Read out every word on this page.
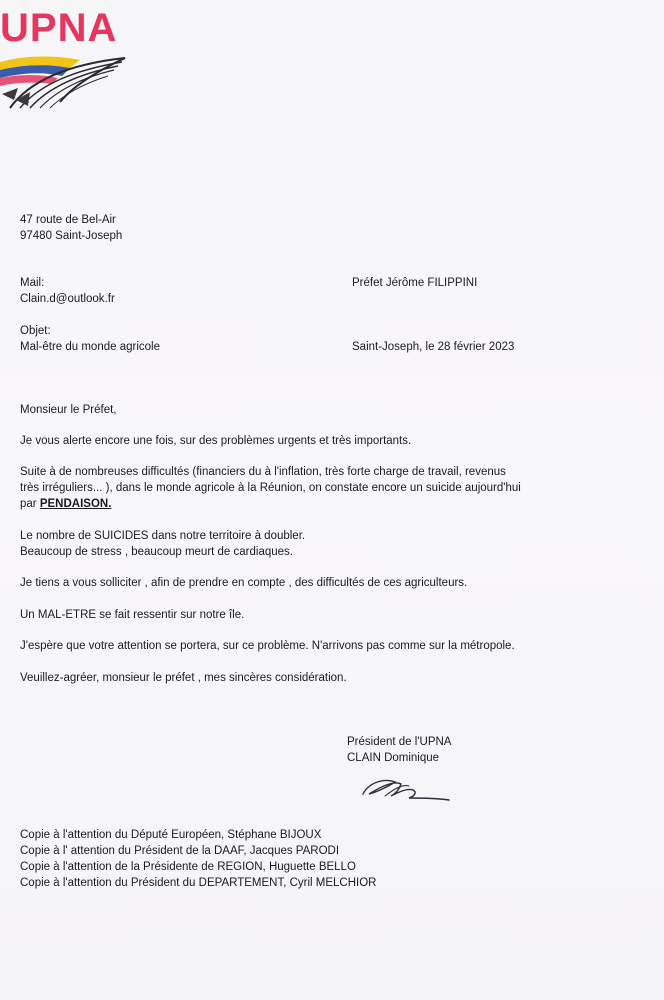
UPNA
47 route de Bel-Air
97480 Saint-Joseph
Mail:
Clain.d@outlook.fr
Préfet Jérôme FILIPPINI
Objet:
Mal-être du monde agricole	Saint-Joseph, le 28 février 2023
Monsieur le Préfet,
Je vous alerte encore une fois, sur des problèmes urgents et très importants.
Suite à de nombreuses difficultés (financiers du à l'inflation, très forte charge de travail, revenus
très irréguliers... ), dans le monde agricole à la Réunion, on constate encore un suicide aujourd'hui
par PENDAISON.
Le nombre de SUICIDES dans notre territoire à doubler.
Beaucoup de stress , beaucoup meurt de cardiaques.
Je tiens a vous solliciter , afin de prendre en compte , des difficultés de ces agriculteurs.
Un MAL-ETRE se fait ressentir sur notre île.
J'espère que votre attention se portera, sur ce problème. N'arrivons pas comme sur la métropole.
Veuillez-agréer, monsieur le préfet , mes sincères considération.
Président de l'UPNA
CLAIN Dominique
Copie à l'attention du Député Européen, Stéphane BIJOUX
Copie à l' attention du Président de la DAAF, Jacques PARODI
Copie à l'attention de la Présidente de REGION, Huguette BELLO
Copie à l'attention du Président du DEPARTEMENT, Cyril MELCHIOR
